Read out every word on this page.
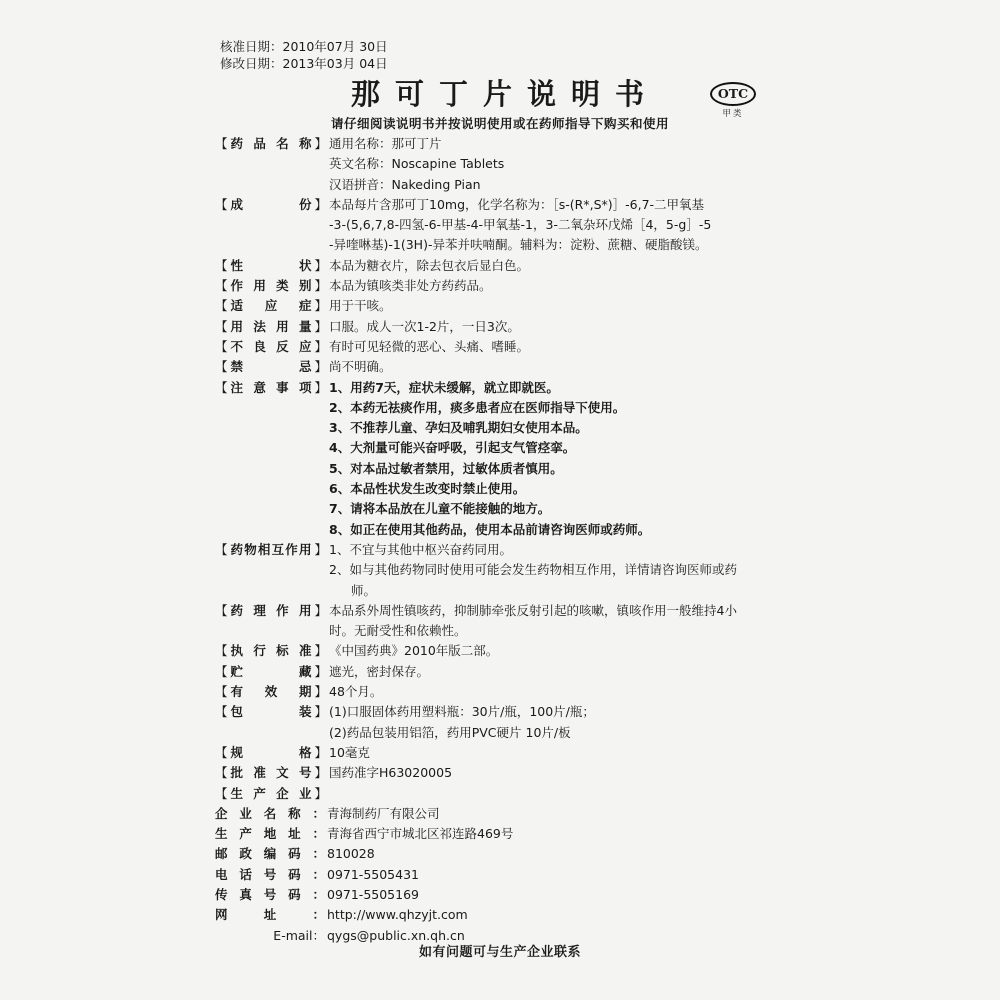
核准日期：2010年07月 30日
修改日期：2013年03月 04日
那可丁片说明书	OTC
甲类
请仔细阅读说明书并按说明使用或在药师指导下购买和使用
【 药 品 名 称 】 通用名称：那可丁片
英文名称：Noscapine Tablets
汉语拼音：Nakeding Pian
【 成	份 】 本品每片含那可丁10mg，化学名称为：［s-(R*,S*)］-6,7-二甲氧基
-3-(5,6,7,8-四氢-6-甲基-4-甲氧基-1，3-二氧杂环戊烯［4，5-g］-5
-异喹啉基)-1(3H)-异苯并呋喃酮。辅料为：淀粉、蔗糖、硬脂酸镁。
【 性	状 】 本品为糖衣片，除去包衣后显白色。
【 作 用 类 别 】 本品为镇咳类非处方药药品。
【 适 应 症 】 用于干咳。
【 用 法 用 量 】 口服。成人一次1-2片，一日3次。
【 不 良 反 应 】 有时可见轻微的恶心、头痛、嗜睡。
【 禁	忌 】 尚不明确。
【 注 意 事 项 】 1、用药7天，症状未缓解，就立即就医。
2、本药无祛痰作用，痰多患者应在医师指导下使用。
3、不推荐儿童、孕妇及哺乳期妇女使用本品。
4、大剂量可能兴奋呼吸，引起支气管痉挛。
5、对本品过敏者禁用，过敏体质者慎用。
6、本品性状发生改变时禁止使用。
7、请将本品放在儿童不能接触的地方。
8、如正在使用其他药品，使用本品前请咨询医师或药师。
【 药 物 相 互 作 用 】 1、不宜与其他中枢兴奋药同用。
2、如与其他药物同时使用可能会发生药物相互作用，详情请咨询医师或药
师。
【 药 理 作 用 】 本品系外周性镇咳药，抑制肺牵张反射引起的咳嗽，镇咳作用一般维持4小
时。无耐受性和依赖性。
【 执 行 标 准 】 《中国药典》2010年版二部。
【 贮	藏 】 遮光，密封保存。
【 有 效 期 】 48个月。
【 包	装 】 (1)口服固体药用塑料瓶：30片/瓶，100片/瓶；
(2)药品包装用铝箔，药用PVC硬片 10片/板
【 规	格 】 10毫克
【 批 准 文 号 】 国药准字H63020005
【 生 产 企 业 】
企 业 名 称 ： 青海制药厂有限公司
生 产 地 址 ： 青海省西宁市城北区祁连路469号
邮 政 编 码 ： 810028
电 话 号 码 ： 0971-5505431
传 真 号 码 ： 0971-5505169
网	址	： http://www.qhzyjt.com
E-mail： qygs@public.xn.qh.cn
如有问题可与生产企业联系
